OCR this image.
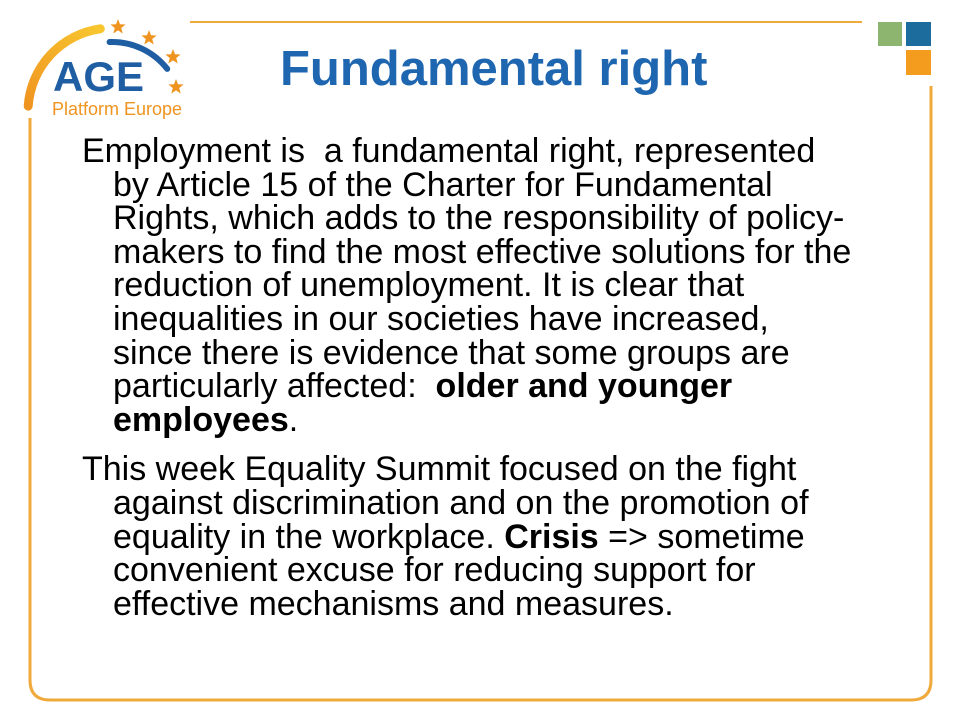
AGE
Platform Europe
Fundamental right
Employment is  a fundamental right, represented
by Article 15 of the Charter for Fundamental
Rights, which adds to the responsibility of policy-
makers to find the most effective solutions for the
reduction of unemployment. It is clear that
inequalities in our societies have increased,
since there is evidence that some groups are
particularly affected:  older and younger
employees.
This week Equality Summit focused on the fight
against discrimination and on the promotion of
equality in the workplace. Crisis => sometime
convenient excuse for reducing support for
effective mechanisms and measures.
